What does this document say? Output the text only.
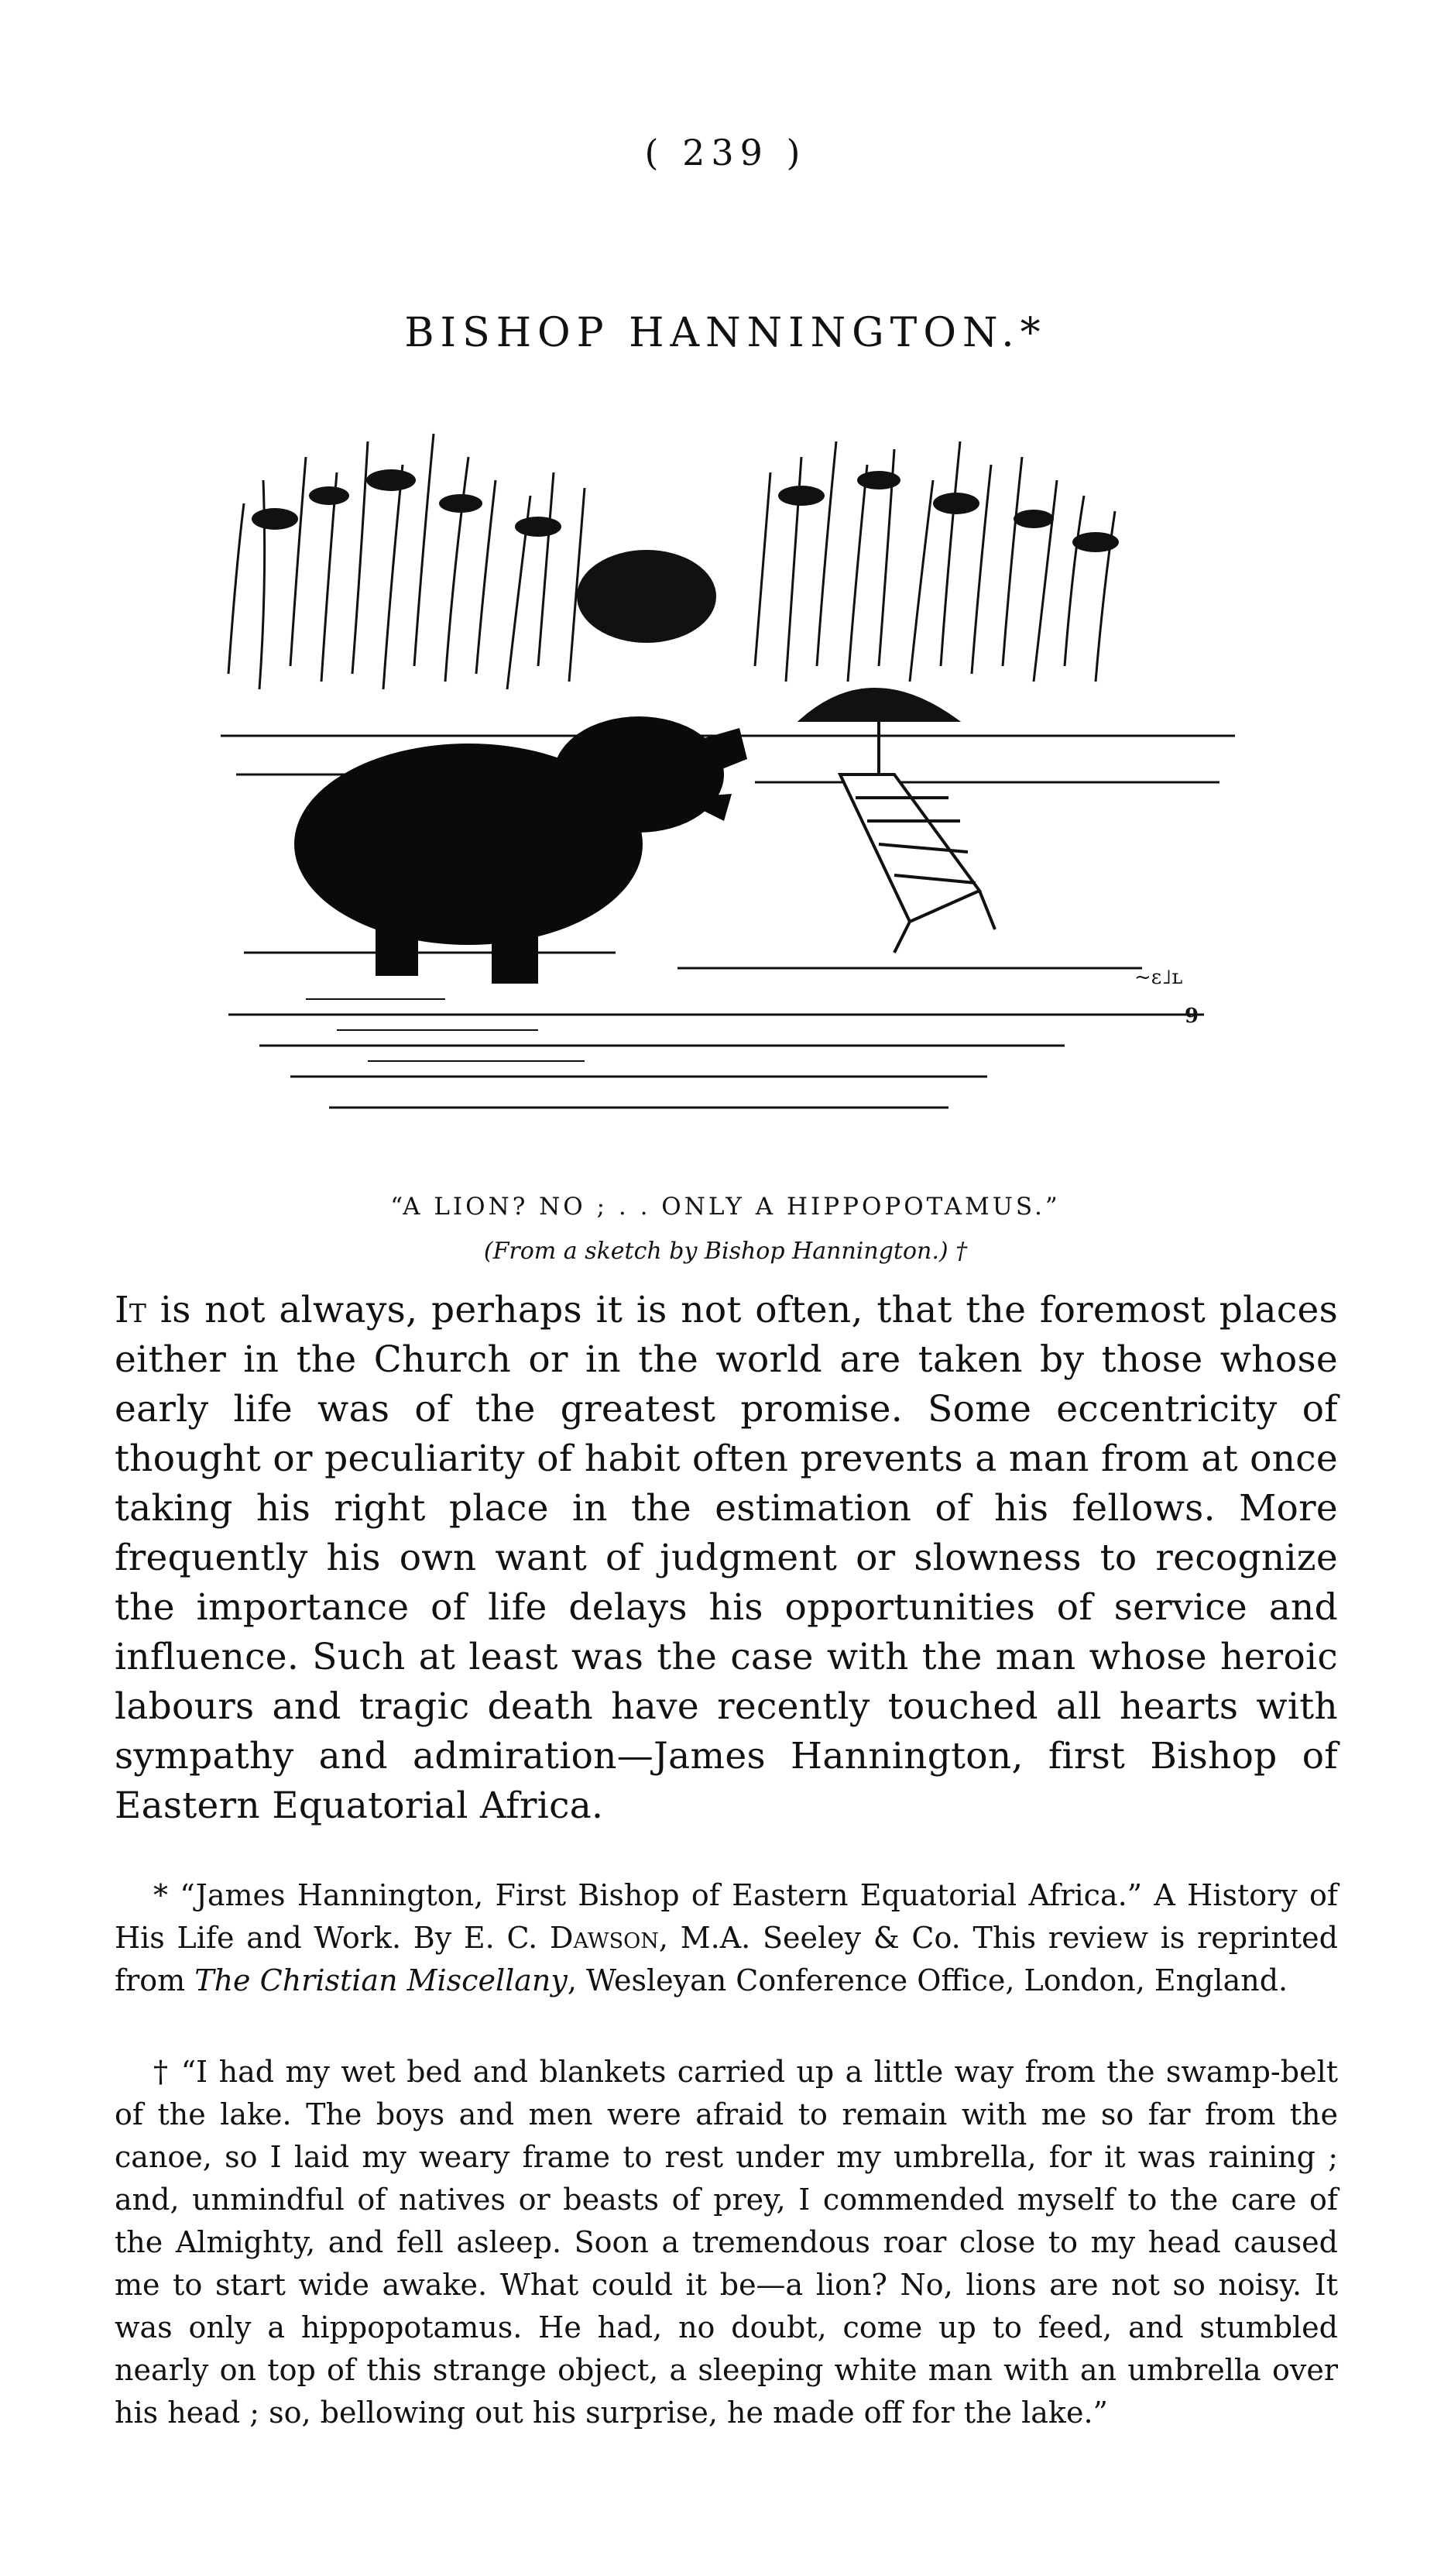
( 239 )
BISHOP HANNINGTON.*
~ɛ˩ʟ
9
“A LION? NO ; . . ONLY A HIPPOPOTAMUS.”
(From a sketch by Bishop Hannington.) †
It is not always, perhaps it is not often, that the foremost places either in the Church or in the world are taken by those whose early life was of the greatest promise. Some eccentricity of thought or peculiarity of habit often prevents a man from at once taking his right place in the estimation of his fellows. More frequently his own want of judgment or slowness to recognize the importance of life delays his opportunities of service and influence. Such at least was the case with the man whose heroic labours and tragic death have recently touched all hearts with sympathy and admiration—James Hannington, first Bishop of Eastern Equatorial Africa.
* “James Hannington, First Bishop of Eastern Equatorial Africa.” A History of His Life and Work. By E. C. Dawson, M.A. Seeley & Co. This review is reprinted from The Christian Miscellany, Wesleyan Conference Office, London, England.
† “I had my wet bed and blankets carried up a little way from the swamp-belt of the lake. The boys and men were afraid to remain with me so far from the canoe, so I laid my weary frame to rest under my umbrella, for it was raining ; and, unmindful of natives or beasts of prey, I commended myself to the care of the Almighty, and fell asleep. Soon a tremendous roar close to my head caused me to start wide awake. What could it be—a lion? No, lions are not so noisy. It was only a hippopotamus. He had, no doubt, come up to feed, and stumbled nearly on top of this strange object, a sleeping white man with an umbrella over his head ; so, bellowing out his surprise, he made off for the lake.”
